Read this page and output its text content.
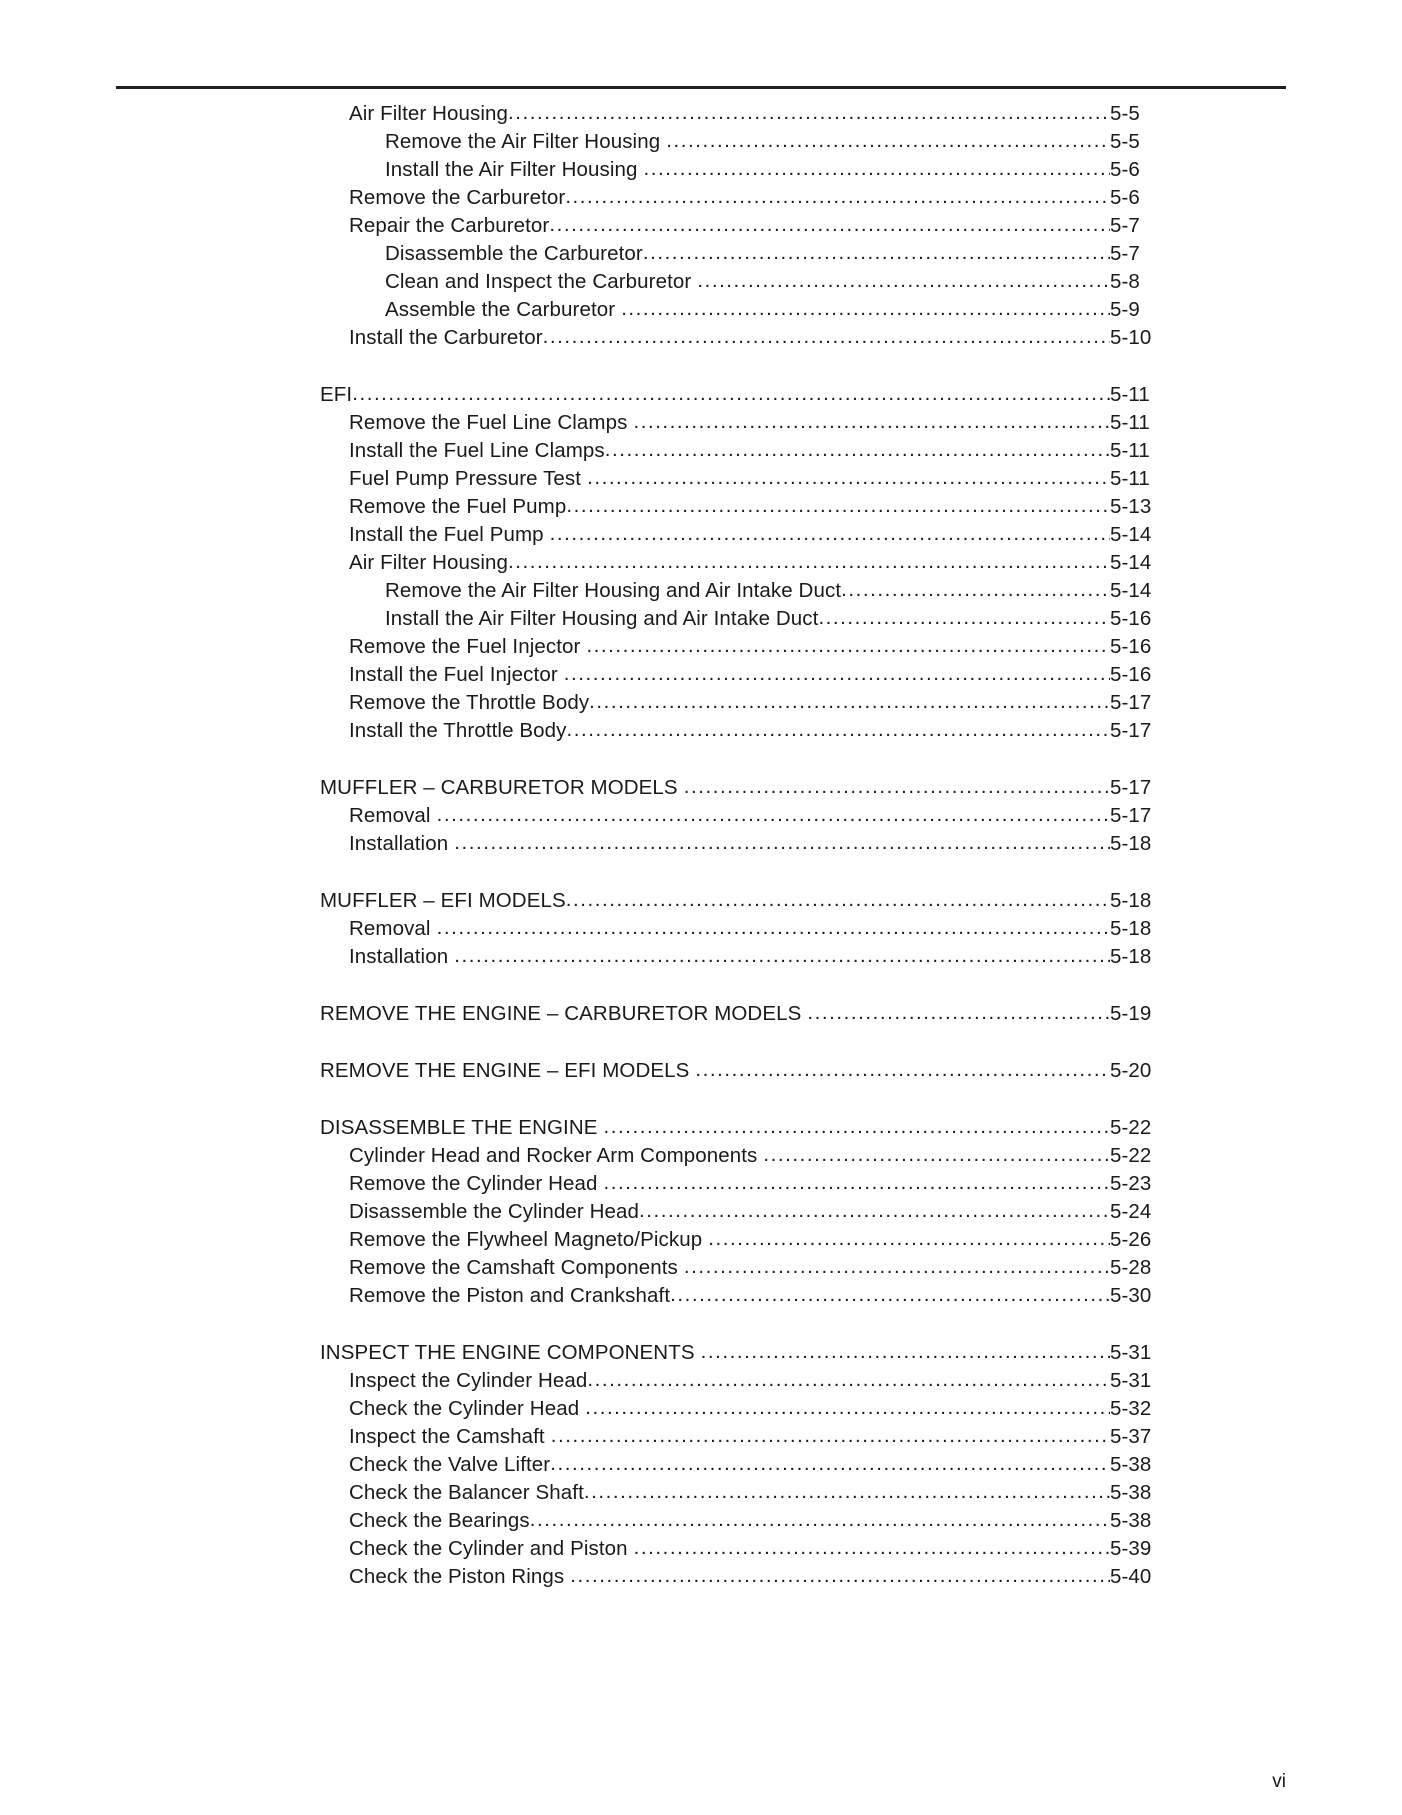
Air Filter Housing .....	5-5
Remove the Air Filter Housing .....	5-5
Install the Air Filter Housing .....	5-6
Remove the Carburetor .....	5-6
Repair the Carburetor .....	5-7
Disassemble the Carburetor .....	5-7
Clean and Inspect the Carburetor .....	5-8
Assemble the Carburetor .....	5-9
Install the Carburetor .....	5-10
EFI .....	5-11
Remove the Fuel Line Clamps .....	5-11
Install the Fuel Line Clamps .....	5-11
Fuel Pump Pressure Test .....	5-11
Remove the Fuel Pump .....	5-13
Install the Fuel Pump .....	5-14
Air Filter Housing .....	5-14
Remove the Air Filter Housing and Air Intake Duct .....	5-14
Install the Air Filter Housing and Air Intake Duct .....	5-16
Remove the Fuel Injector .....	5-16
Install the Fuel Injector .....	5-16
Remove the Throttle Body .....	5-17
Install the Throttle Body .....	5-17
MUFFLER – CARBURETOR MODELS .....	5-17
Removal .....	5-17
Installation .....	5-18
MUFFLER – EFI MODELS .....	5-18
Removal .....	5-18
Installation .....	5-18
REMOVE THE ENGINE – CARBURETOR MODELS .....	5-19
REMOVE THE ENGINE – EFI MODELS .....	5-20
DISASSEMBLE THE ENGINE .....	5-22
Cylinder Head and Rocker Arm Components .....	5-22
Remove the Cylinder Head .....	5-23
Disassemble the Cylinder Head .....	5-24
Remove the Flywheel Magneto/Pickup .....	5-26
Remove the Camshaft Components .....	5-28
Remove the Piston and Crankshaft .....	5-30
INSPECT THE ENGINE COMPONENTS .....	5-31
Inspect the Cylinder Head .....	5-31
Check the Cylinder Head .....	5-32
Inspect the Camshaft .....	5-37
Check the Valve Lifter .....	5-38
Check the Balancer Shaft .....	5-38
Check the Bearings .....	5-38
Check the Cylinder and Piston .....	5-39
Check the Piston Rings .....	5-40
vi
